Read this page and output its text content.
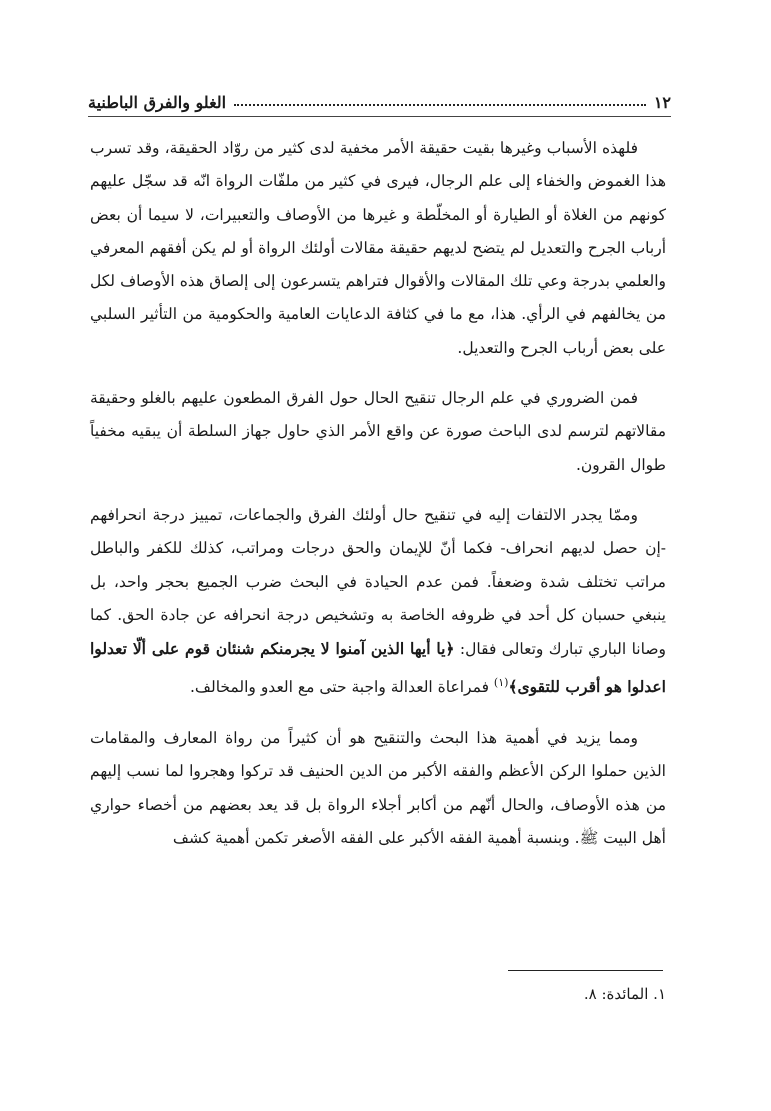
١٢
الغلو والفرق الباطنية

فلهذه الأسباب وغيرها بقيت حقيقة الأمر مخفية لدى كثير من روّاد الحقيقة، وقد تسرب هذا الغموض والخفاء إلى علم الرجال، فيرى في كثير من ملفّات الرواة انّه قد سجّل عليهم كونهم من الغلاة أو الطيارة أو المخلّطة و غيرها من الأوصاف والتعبيرات، لا سيما أن بعض أرباب الجرح والتعديل لم يتضح لديهم حقيقة مقالات أولئك الرواة أو لم يكن أفقهم المعرفي والعلمي بدرجة وعي تلك المقالات والأقوال فتراهم يتسرعون إلى إلصاق هذه الأوصاف لكل من يخالفهم في الرأي. هذا، مع ما في كثافة الدعايات العامية والحكومية من التأثير السلبي على بعض أرباب الجرح والتعديل.

فمن الضروري في علم الرجال تنقيح الحال حول الفرق المطعون عليهم بالغلو وحقيقة مقالاتهم لترسم لدى الباحث صورة عن واقع الأمر الذي حاول جهاز السلطة أن يبقيه مخفياً طوال القرون.

وممّا يجدر الالتفات إليه في تنقيح حال أولئك الفرق والجماعات، تمييز درجة انحرافهم -إن حصل لديهم انحراف- فكما أنّ للإيمان والحق درجات ومراتب، كذلك للكفر والباطل مراتب تختلف شدة وضعفاً. فمن عدم الحيادة في البحث ضرب الجميع بحجر واحد، بل ينبغي حسبان كل أحد في ظروفه الخاصة به وتشخيص درجة انحرافه عن جادة الحق. كما وصانا الباري تبارك وتعالى فقال: ﴿يا أيها الذين آمنوا لا يجرمنكم شنئان قوم على ألّا تعدلوا اعدلوا هو أقرب للتقوى﴾$^{(١)}$ فمراعاة العدالة واجبة حتى مع العدو والمخالف.

ومما يزيد في أهمية هذا البحث والتنقيح هو أن كثيراً من رواة المعارف والمقامات الذين حملوا الركن الأعظم والفقه الأكبر من الدين الحنيف قد تركوا وهجروا لما نسب إليهم من هذه الأوصاف، والحال أنّهم من أكابر أجلاء الرواة بل قد يعد بعضهم من أخصاء حواري أهل البيت ﷺ. وبنسبة أهمية الفقه الأكبر على الفقه الأصغر تكمن أهمية كشف

١. المائدة: ٨.
